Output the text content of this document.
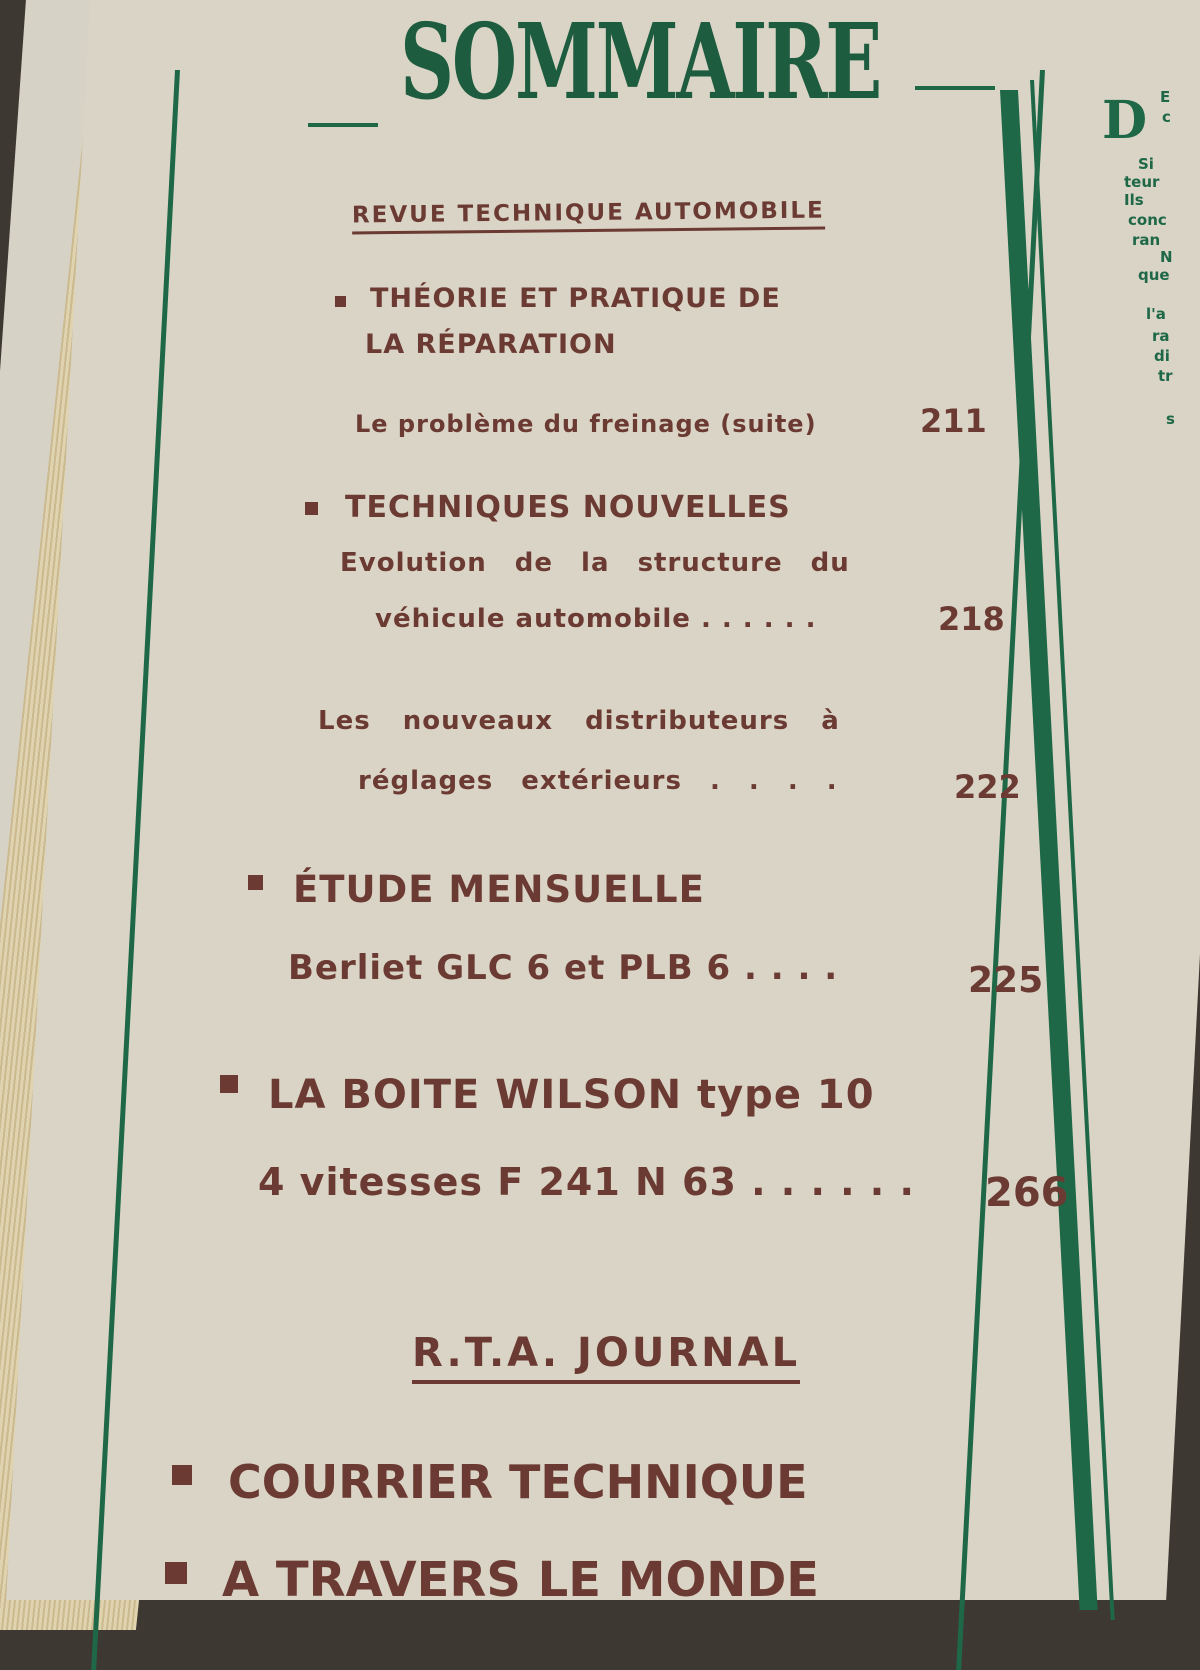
SOMMAIRE
REVUE TECHNIQUE AUTOMOBILE
THÉORIE ET PRATIQUE DE
LA RÉPARATION
Le problème du freinage (suite)	211
TECHNIQUES NOUVELLES
Evolution de la structure du
véhicule automobile . . . . . .	218
Les nouveaux distributeurs à
réglages extérieurs . . . .	222
ÉTUDE MENSUELLE
Berliet GLC 6 et PLB 6 . . . .	225
LA BOITE WILSON type 10
4 vitesses F 241 N 63 . . . . . . 266
R.T.A. JOURNAL
COURRIER TECHNIQUE
A TRAVERS LE MONDE
D E
c
Si
teur
Ils
conc
ran
N
que
l'a
ra
di
tr
s
